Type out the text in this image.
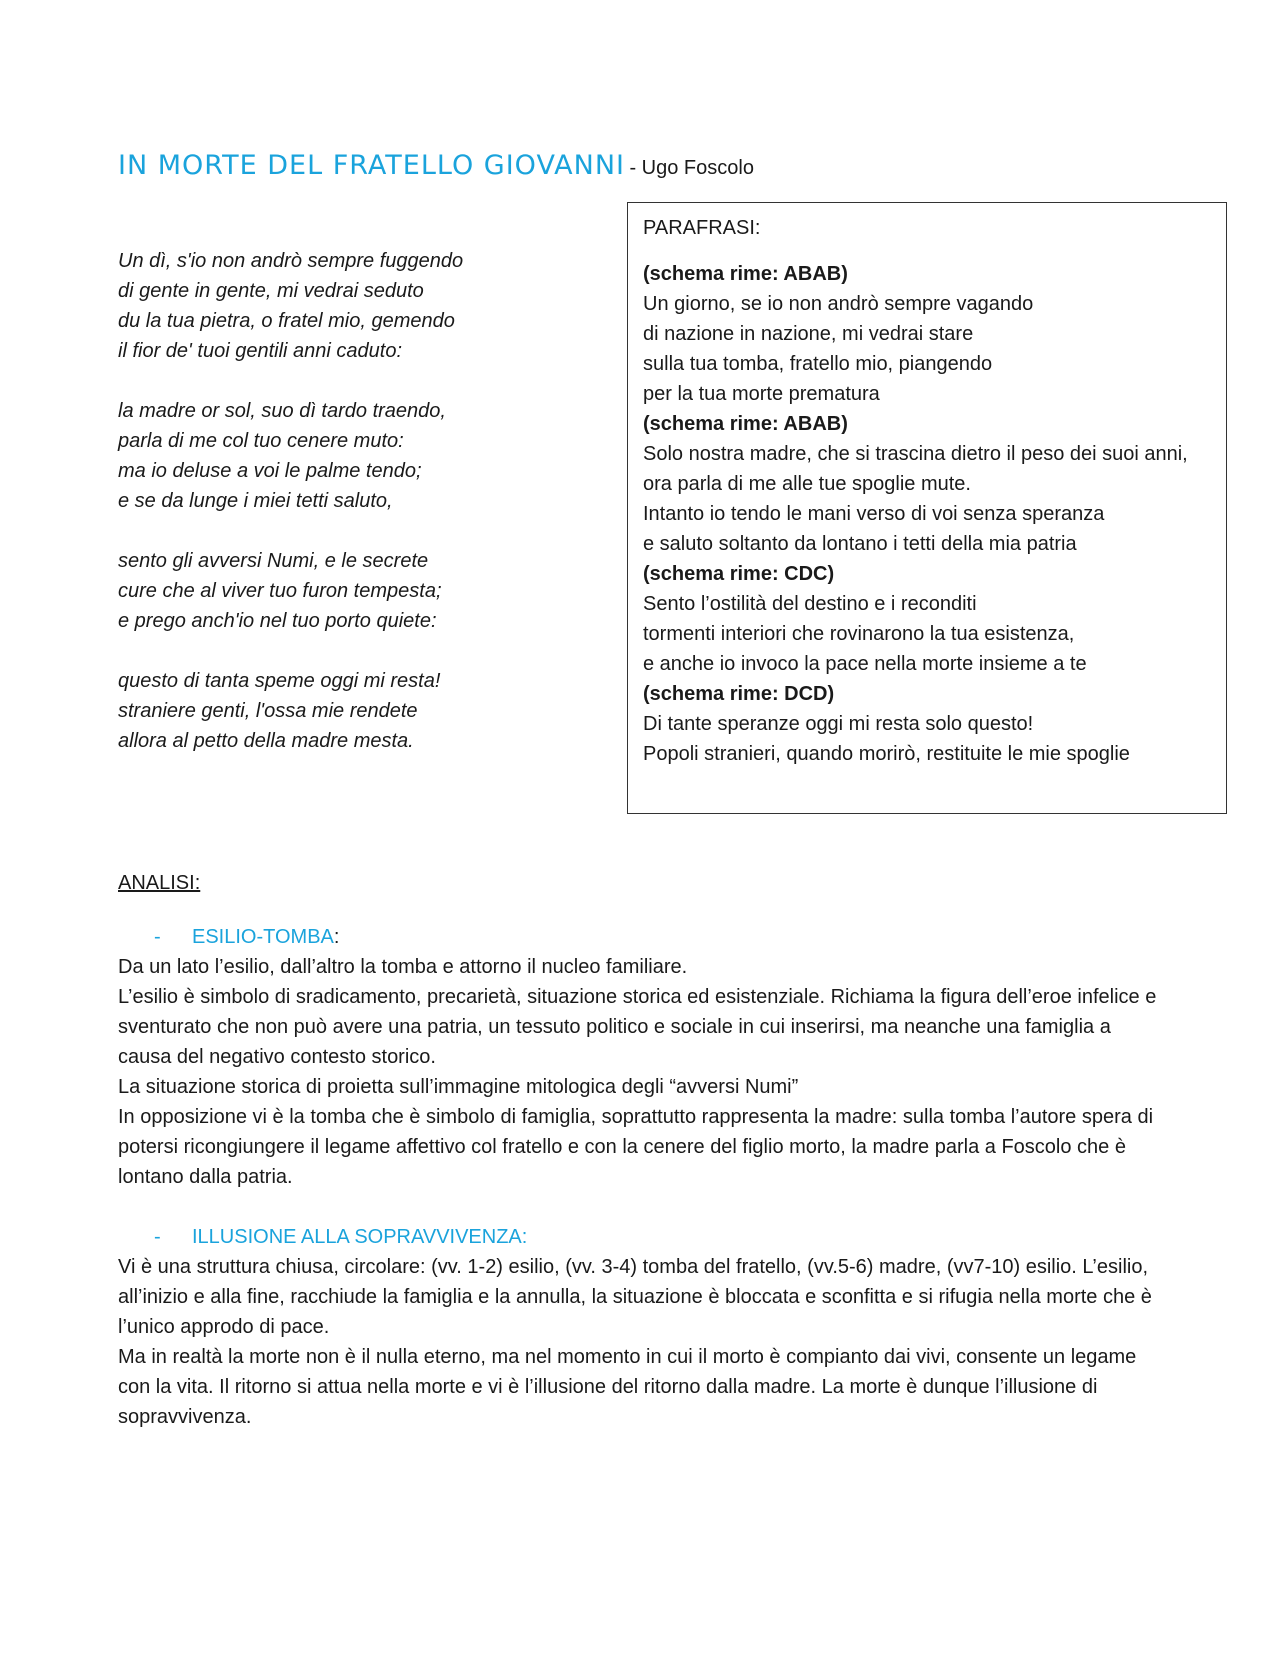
IN MORTE DEL FRATELLO GIOVANNI - Ugo Foscolo
Un dì, s'io non andrò sempre fuggendo
di gente in gente, mi vedrai seduto
du la tua pietra, o fratel mio, gemendo
il fior de' tuoi gentili anni caduto:
la madre or sol, suo dì tardo traendo,
parla di me col tuo cenere muto:
ma io deluse a voi le palme tendo;
e se da lunge i miei tetti saluto,
sento gli avversi Numi, e le secrete
cure che al viver tuo furon tempesta;
e prego anch'io nel tuo porto quiete:
questo di tanta speme oggi mi resta!
straniere genti, l'ossa mie rendete
allora al petto della madre mesta.
PARAFRASI:
(schema rime: ABAB)
Un giorno, se io non andrò sempre vagando
di nazione in nazione, mi vedrai stare
sulla tua tomba, fratello mio, piangendo
per la tua morte prematura
(schema rime: ABAB)
Solo nostra madre, che si trascina dietro il peso dei suoi anni,
ora parla di me alle tue spoglie mute.
Intanto io tendo le mani verso di voi senza speranza
e saluto soltanto da lontano i tetti della mia patria
(schema rime: CDC)
Sento l’ostilità del destino e i reconditi
tormenti interiori che rovinarono la tua esistenza,
e anche io invoco la pace nella morte insieme a te
(schema rime: DCD)
Di tante speranze oggi mi resta solo questo!
Popoli stranieri, quando morirò, restituite le mie spoglie
ANALISI:
-	ESILIO-TOMBA:
Da un lato l’esilio, dall’altro la tomba e attorno il nucleo familiare.
L’esilio è simbolo di sradicamento, precarietà, situazione storica ed esistenziale. Richiama la figura dell’eroe infelice e sventurato che non può avere una patria, un tessuto politico e sociale in cui inserirsi, ma neanche una famiglia a causa del negativo contesto storico.
La situazione storica di proietta sull’immagine mitologica degli “avversi Numi”
In opposizione vi è la tomba che è simbolo di famiglia, soprattutto rappresenta la madre: sulla tomba l’autore spera di potersi ricongiungere il legame affettivo col fratello e con la cenere del figlio morto, la madre parla a Foscolo che è lontano dalla patria.
-	ILLUSIONE ALLA SOPRAVVIVENZA:
Vi è una struttura chiusa, circolare: (vv. 1-2) esilio, (vv. 3-4) tomba del fratello, (vv.5-6) madre, (vv7-10) esilio. L’esilio, all’inizio e alla fine, racchiude la famiglia e la annulla, la situazione è bloccata e sconfitta e si rifugia nella morte che è l’unico approdo di pace.
Ma in realtà la morte non è il nulla eterno, ma nel momento in cui il morto è compianto dai vivi, consente un legame con la vita. Il ritorno si attua nella morte e vi è l’illusione del ritorno dalla madre. La morte è dunque l’illusione di sopravvivenza.
